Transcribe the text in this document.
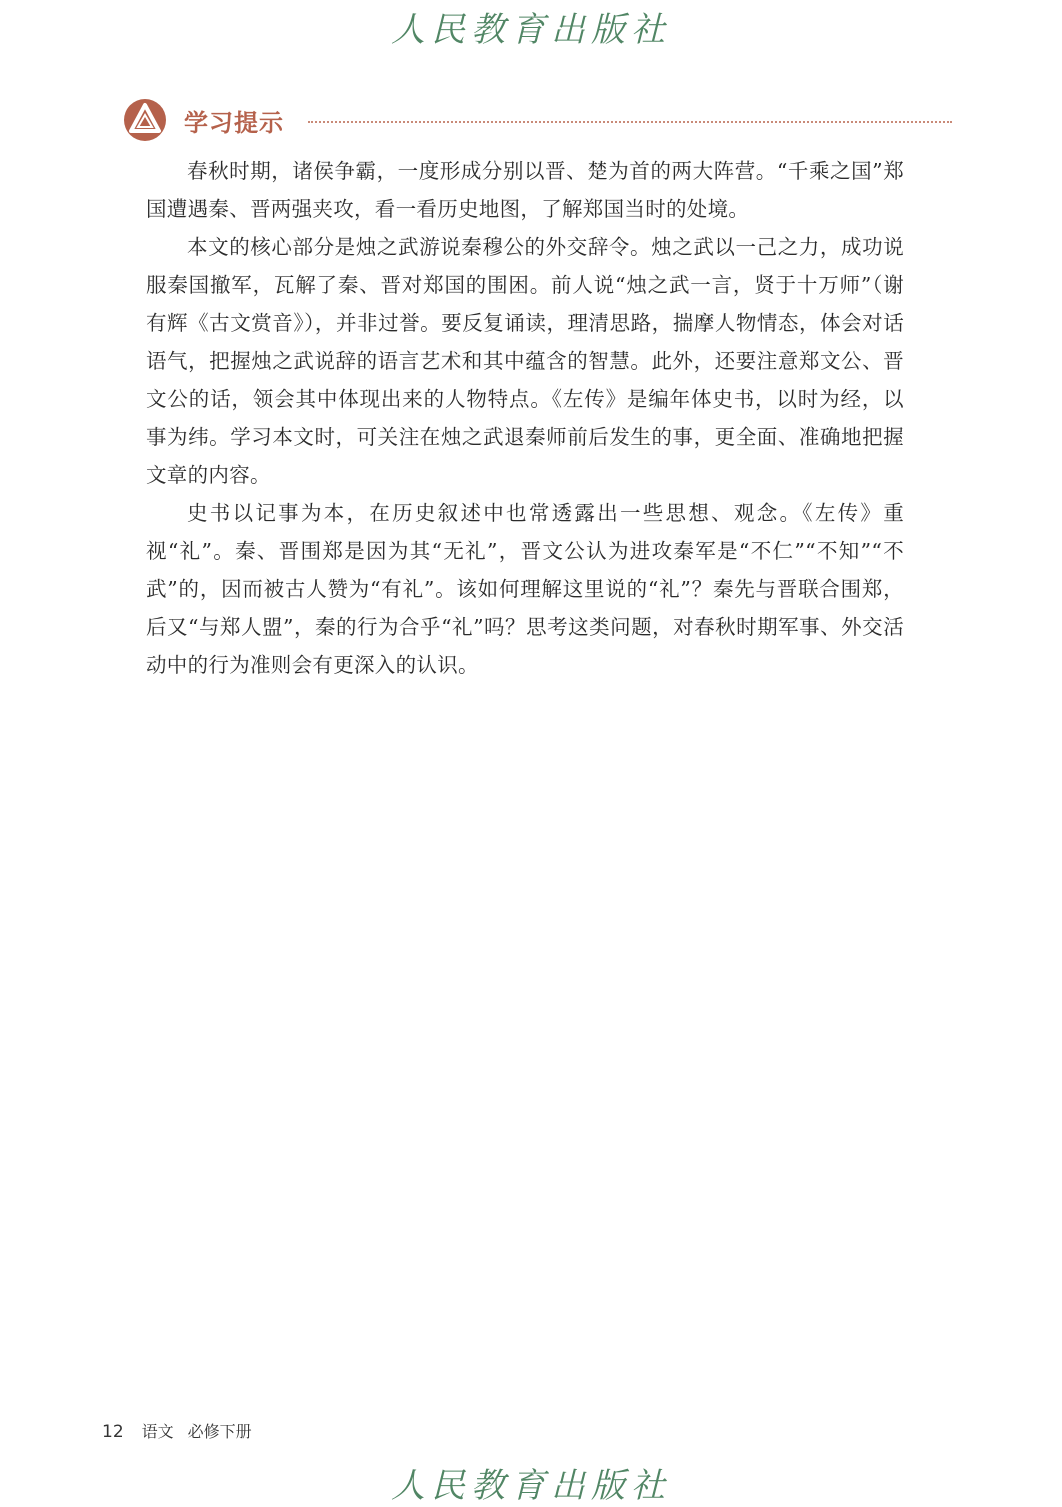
人民教育出版社
学习提示

春秋时期，诸侯争霸，一度形成分别以晋、楚为首的两大阵营。“千乘之国”郑国遭遇秦、晋两强夹攻，看一看历史地图，了解郑国当时的处境。

本文的核心部分是烛之武游说秦穆公的外交辞令。烛之武以一己之力，成功说服秦国撤军，瓦解了秦、晋对郑国的围困。前人说“烛之武一言，贤于十万师”（谢有辉《古文赏音》），并非过誉。要反复诵读，理清思路，揣摩人物情态，体会对话语气，把握烛之武说辞的语言艺术和其中蕴含的智慧。此外，还要注意郑文公、晋文公的话，领会其中体现出来的人物特点。《左传》是编年体史书，以时为经，以事为纬。学习本文时，可关注在烛之武退秦师前后发生的事，更全面、准确地把握文章的内容。

史书以记事为本，在历史叙述中也常透露出一些思想、观念。《左传》重视“礼”。秦、晋围郑是因为其“无礼”，晋文公认为进攻秦军是“不仁”“不知”“不武”的，因而被古人赞为“有礼”。该如何理解这里说的“礼”？秦先与晋联合围郑，后又“与郑人盟”，秦的行为合乎“礼”吗？思考这类问题，对春秋时期军事、外交活动中的行为准则会有更深入的认识。

12 语文 必修下册
人民教育出版社
